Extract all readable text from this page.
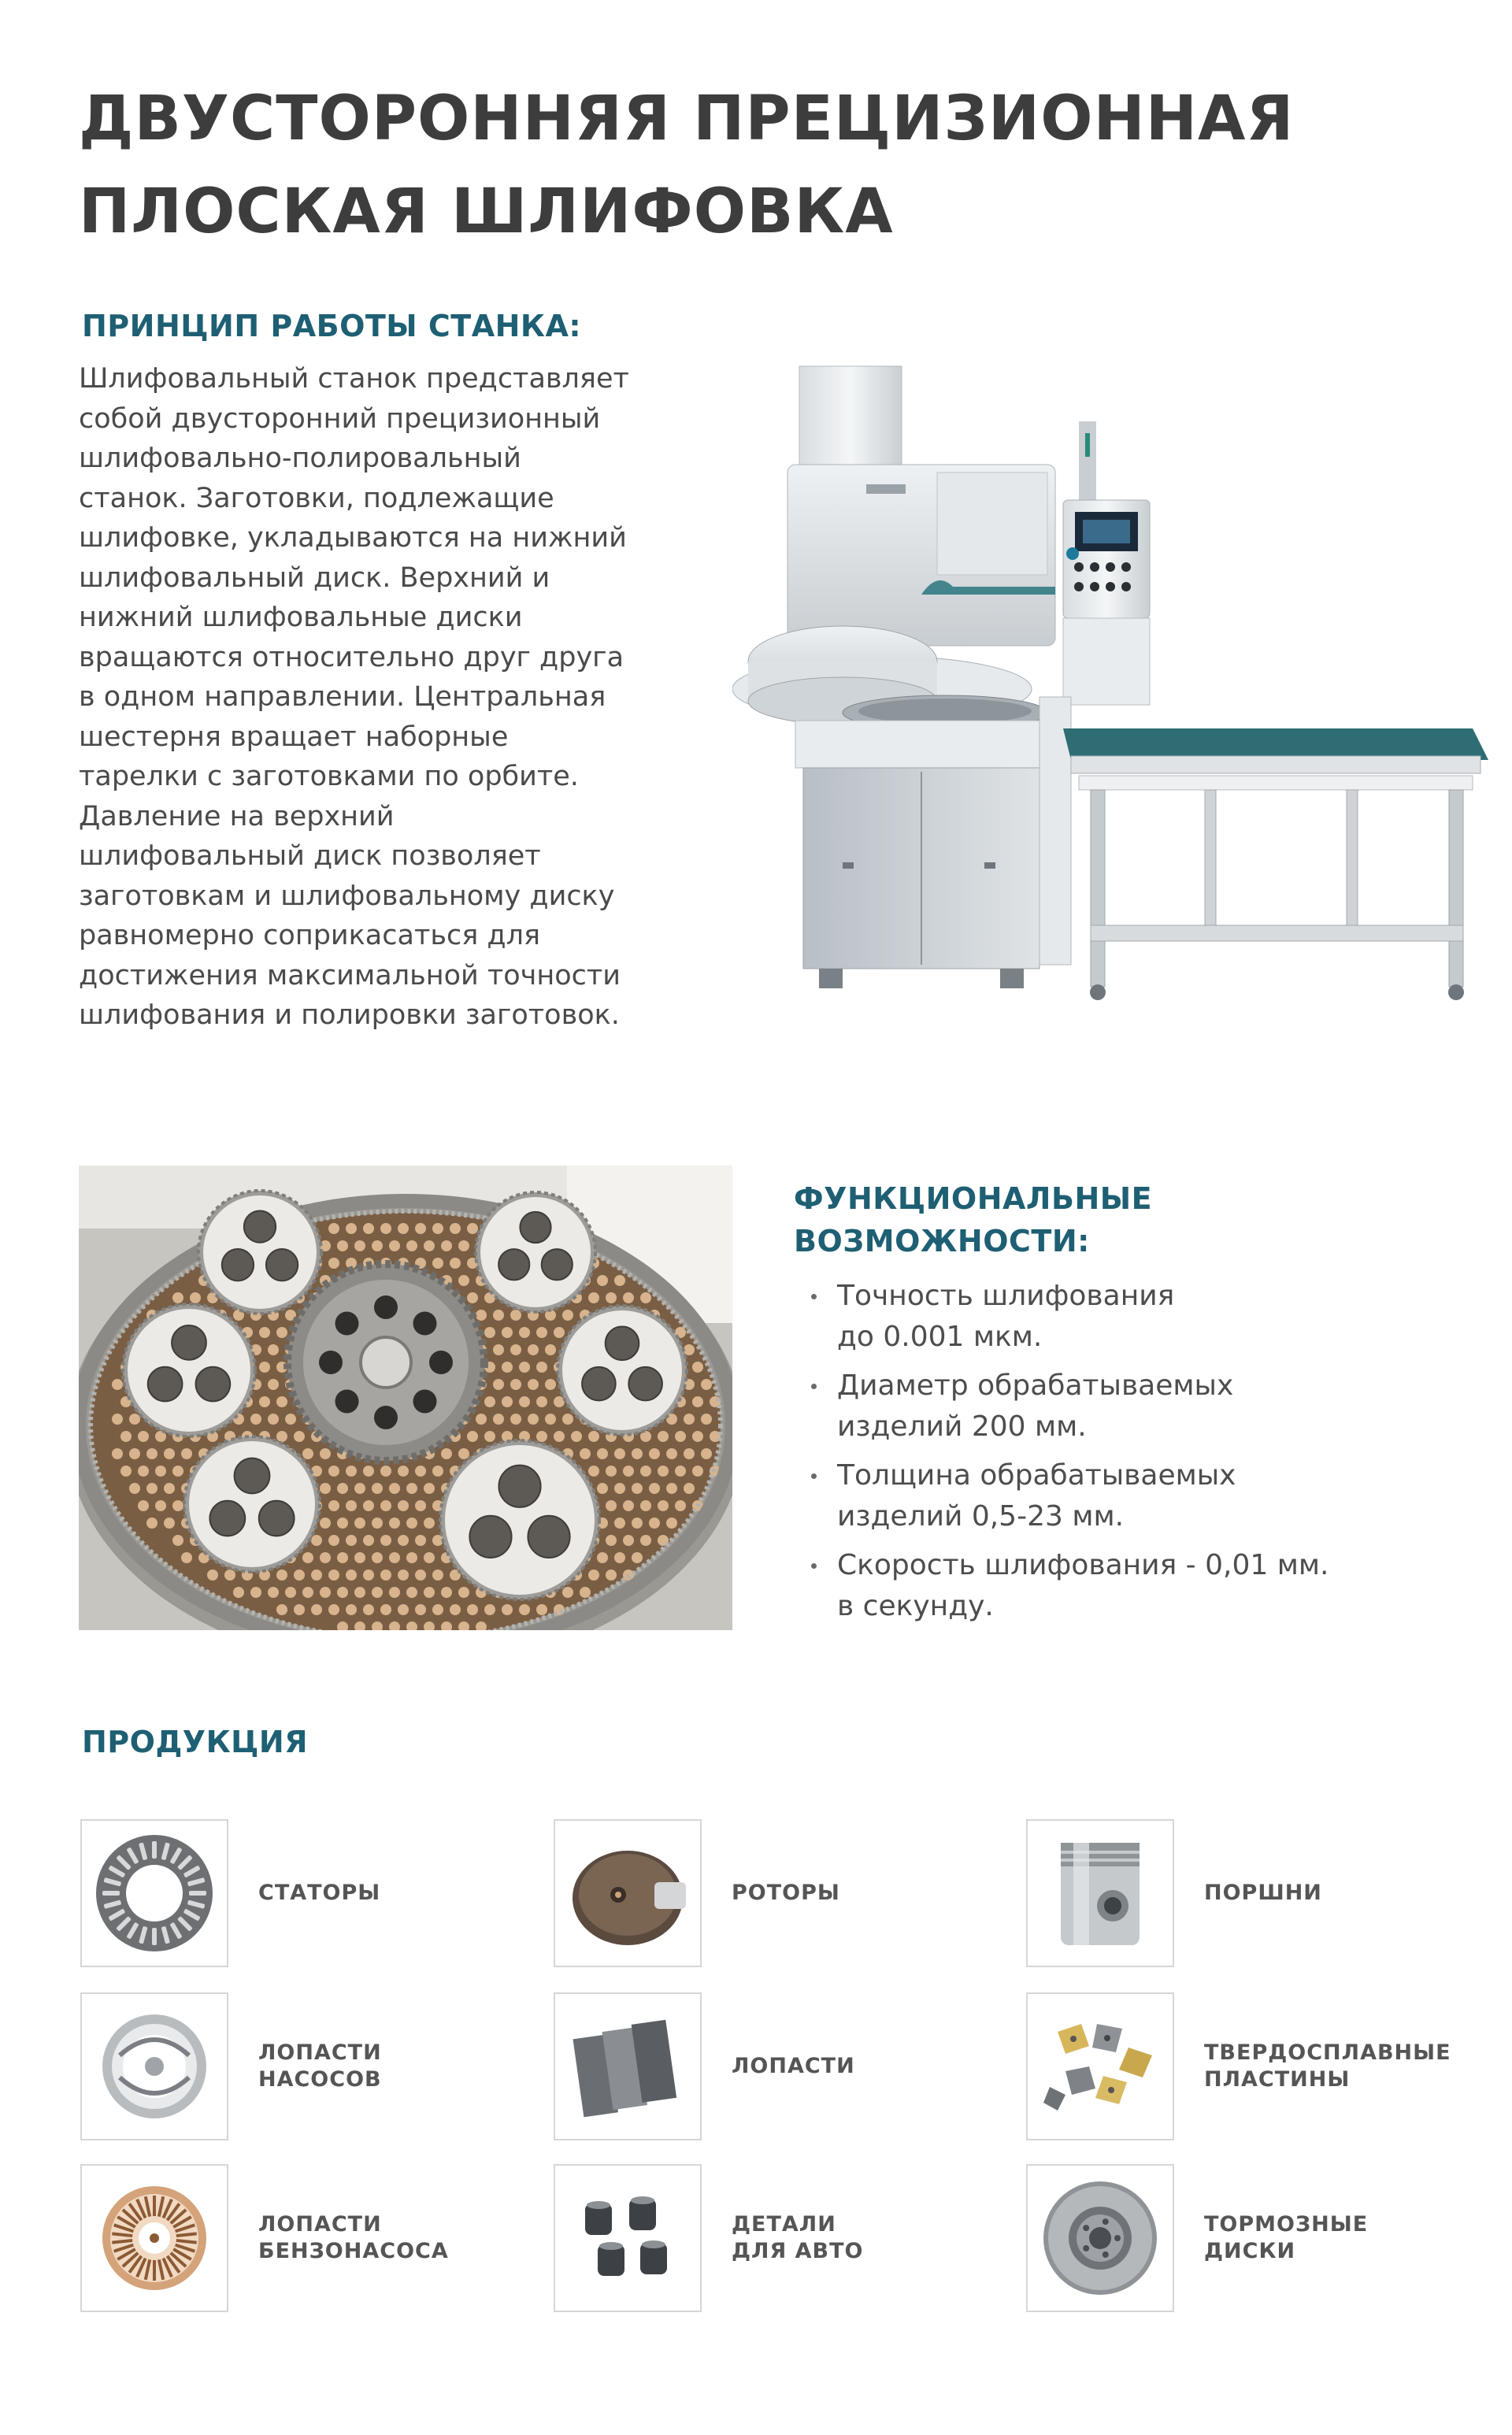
ДВУСТОРОННЯЯ ПРЕЦИЗИОННАЯ
ПЛОСКАЯ ШЛИФОВКА
ПРИНЦИП РАБОТЫ СТАНКА:
Шлифовальный станок представляет
собой двусторонний прецизионный
шлифовально-полировальный
станок. Заготовки, подлежащие
шлифовке, укладываются на нижний
шлифовальный диск. Верхний и
нижний шлифовальные диски
вращаются относительно друг друга
в одном направлении. Центральная
шестерня вращает наборные
тарелки с заготовками по орбите.
Давление на верхний
шлифовальный диск позволяет
заготовкам и шлифовальному диску
равномерно соприкасаться для
достижения максимальной точности
шлифования и полировки заготовок.
ФУНКЦИОНАЛЬНЫЕ
ВОЗМОЖНОСТИ:
Точность шлифования
до 0.001 мкм.
Диаметр обрабатываемых
изделий 200 мм.
Толщина обрабатываемых
изделий 0,5-23 мм.
Скорость шлифования - 0,01 мм.
в секунду.
ПРОДУКЦИЯ
СТАТОРЫ	РОТОРЫ	ПОРШНИ
ЛОПАСТИ
НАСОСОВ
ЛОПАСТИ
ТВЕРДОСПЛАВНЫЕ
ПЛАСТИНЫ
ЛОПАСТИ
БЕНЗОНАСОСА
ДЕТАЛИ
ДЛЯ АВТО
ТОРМОЗНЫЕ
ДИСКИ
